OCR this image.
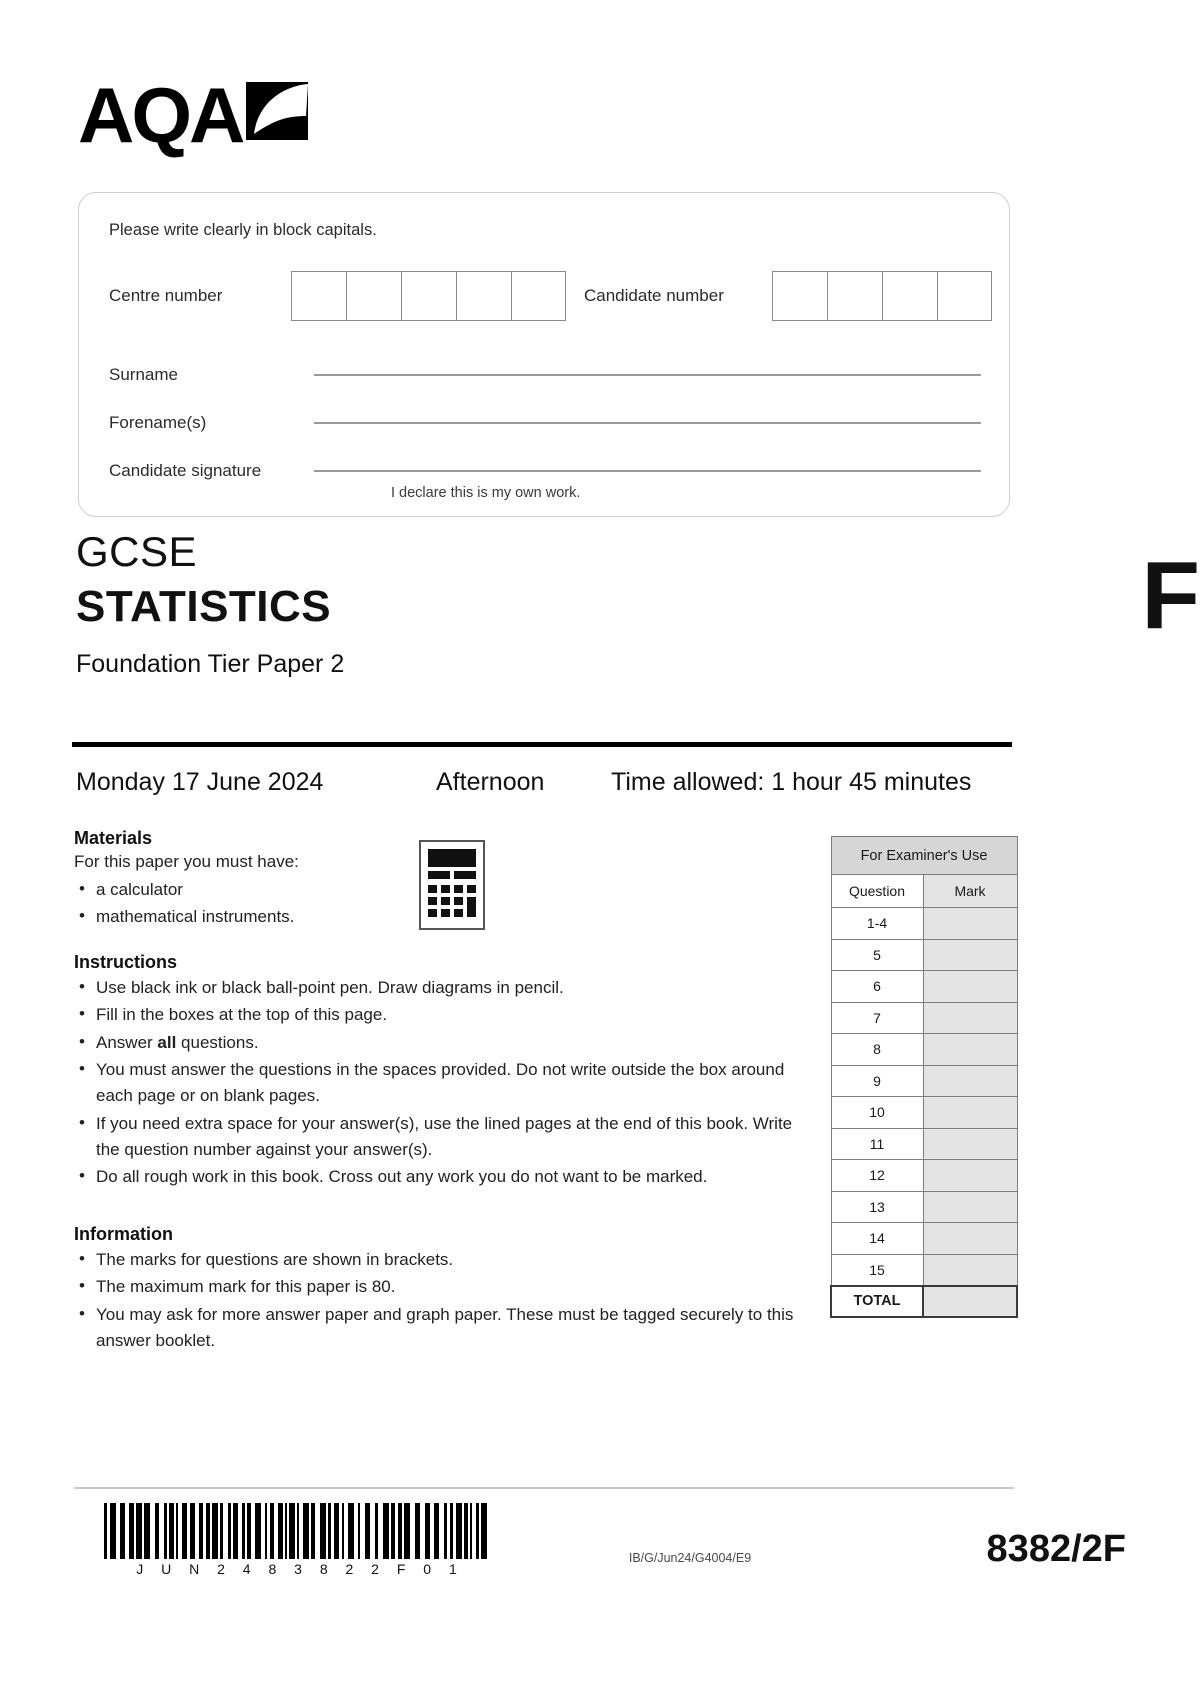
AQA
Please write clearly in block capitals.
Centre number	Candidate number
Surname
Forename(s)
Candidate signature
I declare this is my own work.
GCSE
STATISTICS
Foundation Tier Paper 2
F
Monday 17 June 2024	Afternoon	Time allowed: 1 hour 45 minutes
Materials
For this paper you must have:
• a calculator
• mathematical instruments.
Instructions
• Use black ink or black ball-point pen. Draw diagrams in pencil.
• Fill in the boxes at the top of this page.
• Answer all questions.
• You must answer the questions in the spaces provided. Do not write outside the box around each page or on blank pages.
• If you need extra space for your answer(s), use the lined pages at the end of this book. Write the question number against your answer(s).
• Do all rough work in this book. Cross out any work you do not want to be marked.
Information
• The marks for questions are shown in brackets.
• The maximum mark for this paper is 80.
• You may ask for more answer paper and graph paper. These must be tagged securely to this answer booklet.
For Examiner's Use	
Question	Mark
1-4	
5	
6	
7	
8	
9	
10	
11	
12	
13	
14	
15	
TOTAL	
J U N 2 4 8 3 8 2 2 F 0 1
IB/G/Jun24/G4004/E9	8382/2F
